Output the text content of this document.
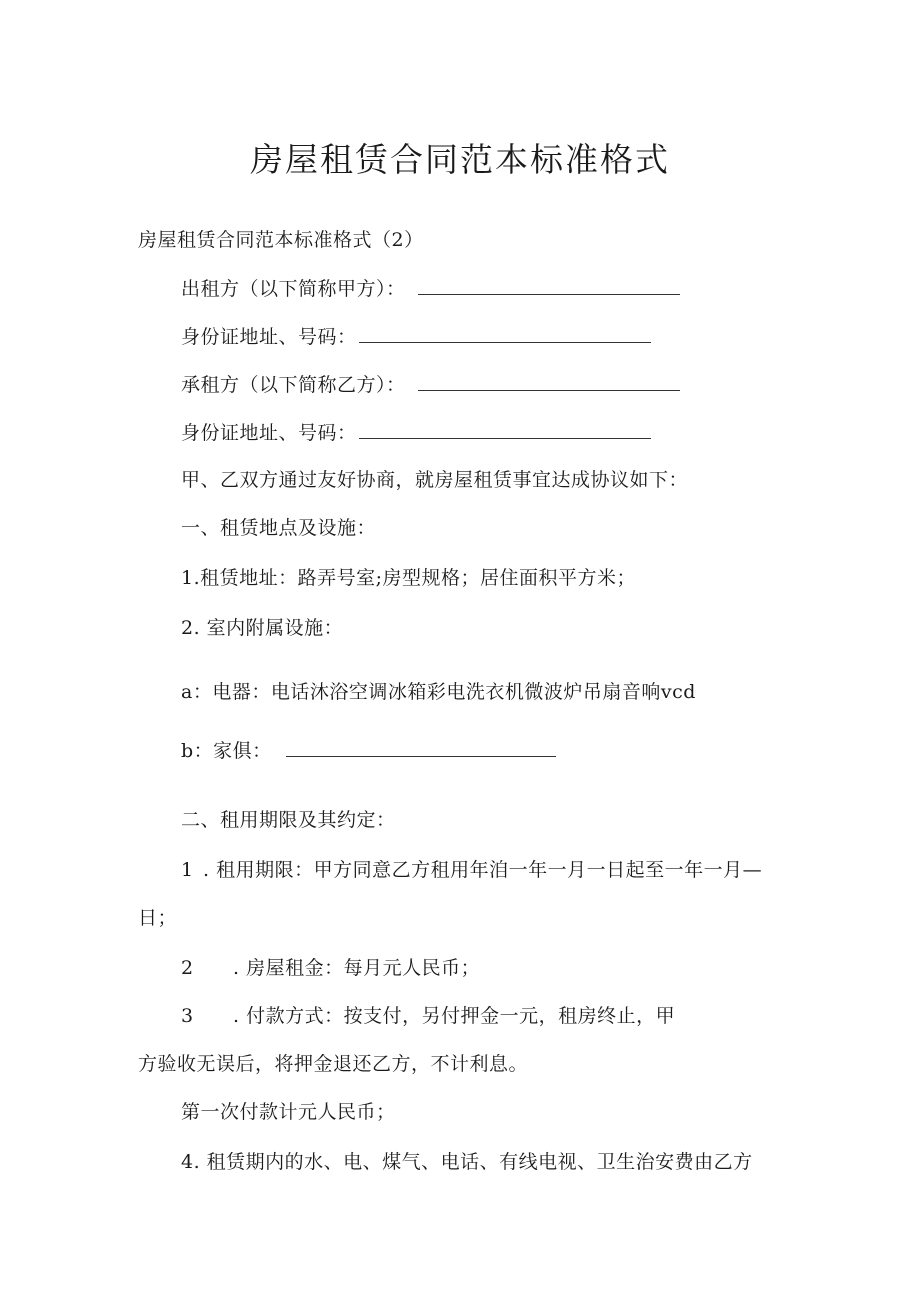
房屋租赁合同范本标准格式
房屋租赁合同范本标准格式（2）
出租方（以下简称甲方）：
身份证地址、号码：
承租方（以下简称乙方）：
身份证地址、号码：
甲、乙双方通过友好协商，就房屋租赁事宜达成协议如下：
一、租赁地点及设施：
1.租赁地址：路弄号室;房型规格；居住面积平方米；
2. 室内附属设施：
a：电器：电话沐浴空调冰箱彩电洗衣机微波炉吊扇音响vcd
b：家俱：
二、租用期限及其约定：
1 . 租用期限：甲方同意乙方租用年洎一年一月一日起至一年一月—
日；
2 . 房屋租金：每月元人民币；
3 . 付款方式：按支付，另付押金一元，租房终止，甲
方验收无误后，将押金退还乙方，不计利息。
第一次付款计元人民币；
4. 租赁期内的水、电、煤气、电话、有线电视、卫生治安费由乙方
